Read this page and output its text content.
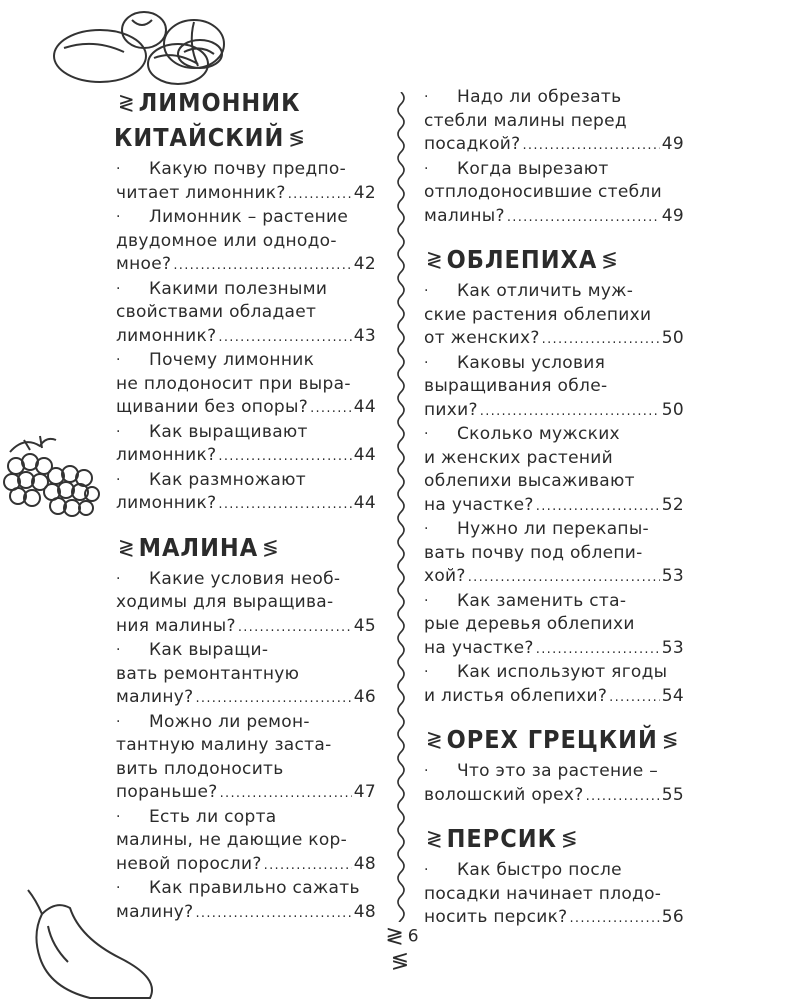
≷ ЛИМОННИК
КИТАЙСКИЙ ≶
·	Какую почву предпо-
читает лимонник? .....	42
·	Лимонник – растение
двудомное или однодо-
мное? .....	42
·	Какими полезными
свойствами обладает
лимонник? .....	43
·	Почему лимонник
не плодоносит при выра-
щивании без опоры? .....	44
·	Как выращивают
лимонник? .....	44
·	Как размножают
лимонник? .....	44
≷ МАЛИНА ≶
·	Какие условия необ-
ходимы для выращива-
ния малины? .....	45
·	Как выращи-
вать ремонтантную
малину? .....	46
·	Можно ли ремон-
тантную малину заста-
вить плодоносить
пораньше? .....	47
·	Есть ли сорта
малины, не дающие кор-
невой поросли? .....	48
·	Как правильно сажать
малину? .....	48
·	Надо ли обрезать
стебли малины перед
посадкой? .....	49
·	Когда вырезают
отплодоносившие стебли
малины? .....	49
≷ ОБЛЕПИХА ≶
·	Как отличить муж-
ские растения облепихи
от женских? .....	50
·	Каковы условия
выращивания обле-
пихи? .....	50
·	Сколько мужских
и женских растений
облепихи высаживают
на участке? .....	52
·	Нужно ли перекапы-
вать почву под облепи-
хой? .....	53
·	Как заменить ста-
рые деревья облепихи
на участке? .....	53
·	Как используют ягоды
и листья облепихи? .....	54
≷ ОРЕХ ГРЕЦКИЙ ≶
·	Что это за растение –
волошский орех? .....	55
≷ ПЕРСИК ≶
·	Как быстро после
посадки начинает плодо-
носить персик? .....	56
≷ 6≶
